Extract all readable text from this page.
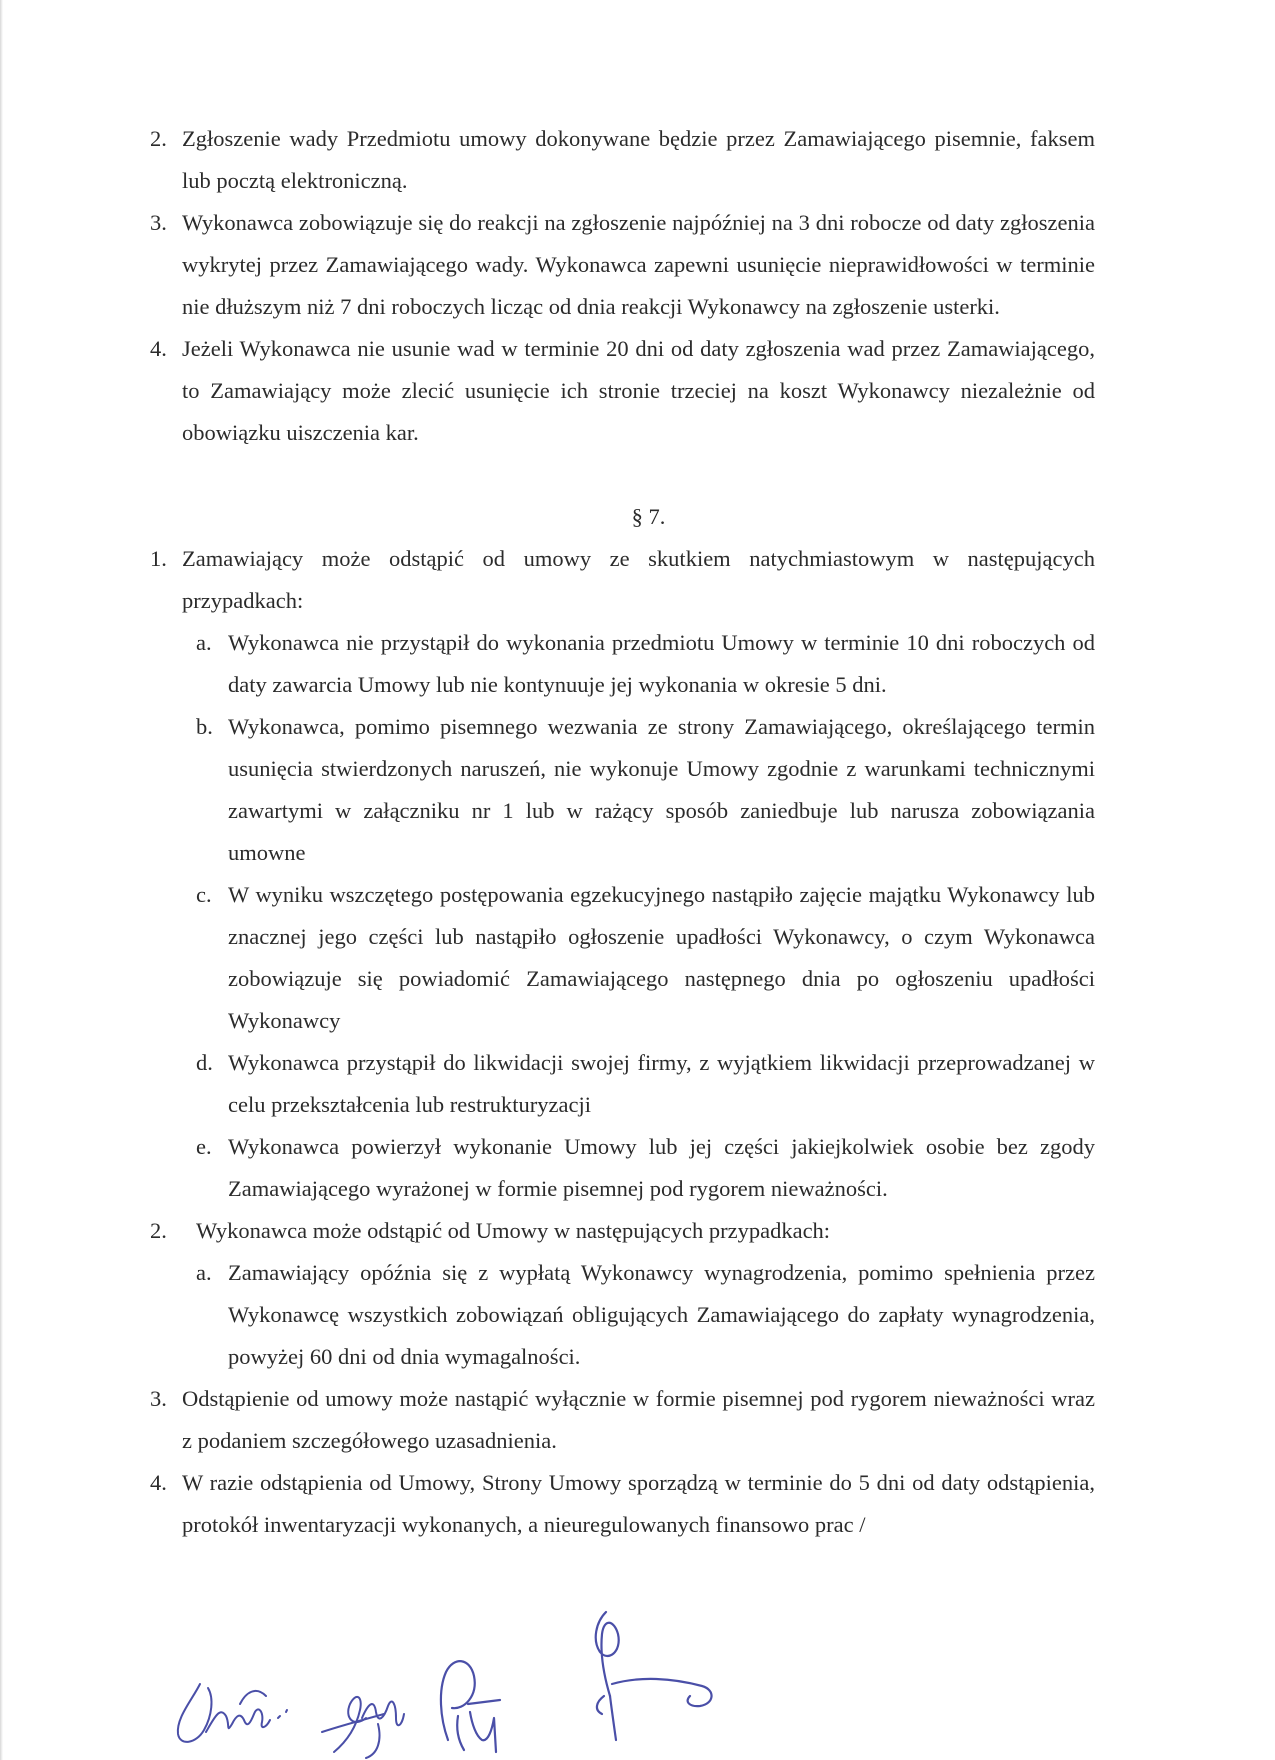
2. Zgłoszenie wady Przedmiotu umowy dokonywane będzie przez Zamawiającego pisemnie, faksem lub pocztą elektroniczną.
3. Wykonawca zobowiązuje się do reakcji na zgłoszenie najpóźniej na 3 dni robocze od daty zgłoszenia wykrytej przez Zamawiającego wady. Wykonawca zapewni usunięcie nieprawidłowości w terminie nie dłuższym niż 7 dni roboczych licząc od dnia reakcji Wykonawcy na zgłoszenie usterki.
4. Jeżeli Wykonawca nie usunie wad w terminie 20 dni od daty zgłoszenia wad przez Zamawiającego, to Zamawiający może zlecić usunięcie ich stronie trzeciej na koszt Wykonawcy niezależnie od obowiązku uiszczenia kar.
§ 7.
1. Zamawiający może odstąpić od umowy ze skutkiem natychmiastowym w następujących przypadkach:
a. Wykonawca nie przystąpił do wykonania przedmiotu Umowy w terminie 10 dni roboczych od daty zawarcia Umowy lub nie kontynuuje jej wykonania w okresie 5 dni.
b. Wykonawca, pomimo pisemnego wezwania ze strony Zamawiającego, określającego termin usunięcia stwierdzonych naruszeń, nie wykonuje Umowy zgodnie z warunkami technicznymi zawartymi w załączniku nr 1 lub w rażący sposób zaniedbuje lub narusza zobowiązania umowne
c. W wyniku wszczętego postępowania egzekucyjnego nastąpiło zajęcie majątku Wykonawcy lub znacznej jego części lub nastąpiło ogłoszenie upadłości Wykonawcy, o czym Wykonawca zobowiązuje się powiadomić Zamawiającego następnego dnia po ogłoszeniu upadłości Wykonawcy
d. Wykonawca przystąpił do likwidacji swojej firmy, z wyjątkiem likwidacji przeprowadzanej w celu przekształcenia lub restrukturyzacji
e. Wykonawca powierzył wykonanie Umowy lub jej części jakiejkolwiek osobie bez zgody Zamawiającego wyrażonej w formie pisemnej pod rygorem nieważności.
2. Wykonawca może odstąpić od Umowy w następujących przypadkach:
a. Zamawiający opóźnia się z wypłatą Wykonawcy wynagrodzenia, pomimo spełnienia przez Wykonawcę wszystkich zobowiązań obligujących Zamawiającego do zapłaty wynagrodzenia, powyżej 60 dni od dnia wymagalności.
3. Odstąpienie od umowy może nastąpić wyłącznie w formie pisemnej pod rygorem nieważności wraz z podaniem szczegółowego uzasadnienia.
4. W razie odstąpienia od Umowy, Strony Umowy sporządzą w terminie do 5 dni od daty odstąpienia, protokół inwentaryzacji wykonanych, a nieuregulowanych finansowo prac /
